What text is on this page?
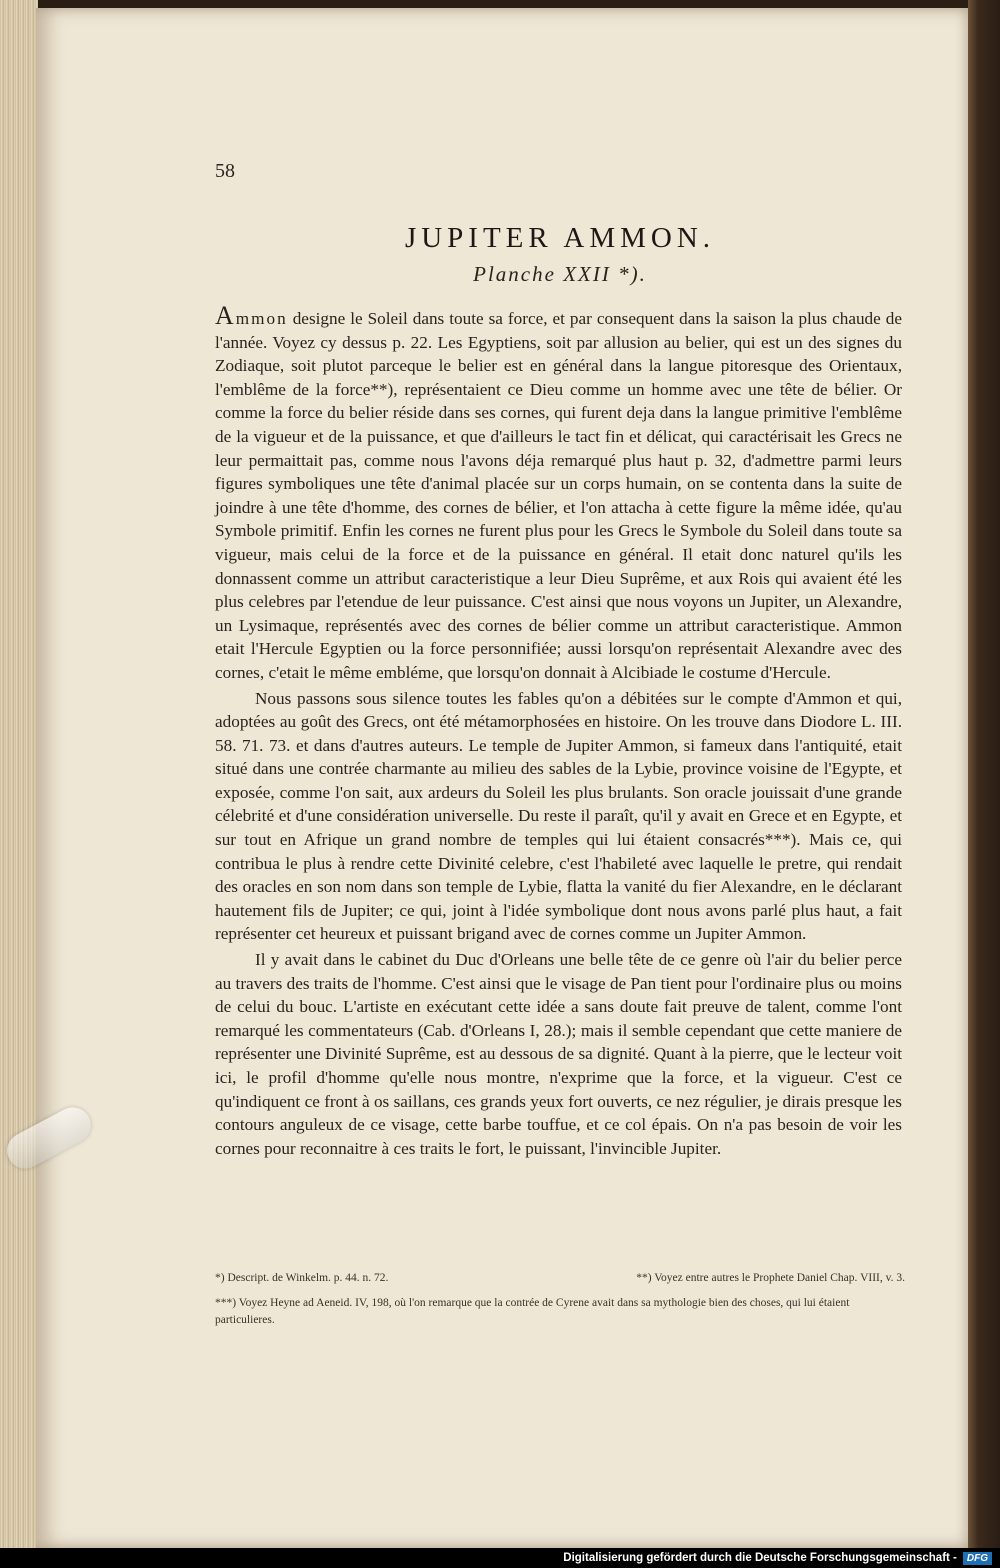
58
JUPITER AMMON.
Planche XXII *).

Ammon designe le Soleil dans toute sa force, et par consequent dans la saison la plus chaude de l'année. Voyez cy dessus p. 22. Les Egyptiens, soit par allusion au belier, qui est un des signes du Zodiaque, soit plutot parceque le belier est en général dans la langue pitoresque des Orientaux, l'emblême de la force**), représentaient ce Dieu comme un homme avec une tête de bélier. Or comme la force du belier réside dans ses cornes, qui furent deja dans la langue primitive l'emblême de la vigueur et de la puissance, et que d'ailleurs le tact fin et délicat, qui caractérisait les Grecs ne leur permaittait pas, comme nous l'avons déja remarqué plus haut p. 32, d'admettre parmi leurs figures symboliques une tête d'animal placée sur un corps humain, on se contenta dans la suite de joindre à une tête d'homme, des cornes de bélier, et l'on attacha à cette figure la même idée, qu'au Symbole primitif. Enfin les cornes ne furent plus pour les Grecs le Symbole du Soleil dans toute sa vigueur, mais celui de la force et de la puissance en général. Il etait donc naturel qu'ils les donnassent comme un attribut caracteristique a leur Dieu Suprême, et aux Rois qui avaient été les plus celebres par l'etendue de leur puissance. C'est ainsi que nous voyons un Jupiter, un Alexandre, un Lysimaque, représentés avec des cornes de bélier comme un attribut caracteristique. Ammon etait l'Hercule Egyptien ou la force personnifiée; aussi lorsqu'on représentait Alexandre avec des cornes, c'etait le même embléme, que lorsqu'on donnait à Alcibiade le costume d'Hercule.

Nous passons sous silence toutes les fables qu'on a débitées sur le compte d'Ammon et qui, adoptées au goût des Grecs, ont été métamorphosées en histoire. On les trouve dans Diodore L. III. 58. 71. 73. et dans d'autres auteurs. Le temple de Jupiter Ammon, si fameux dans l'antiquité, etait situé dans une contrée charmante au milieu des sables de la Lybie, province voisine de l'Egypte, et exposée, comme l'on sait, aux ardeurs du Soleil les plus brulants. Son oracle jouissait d'une grande célebrité et d'une considération universelle. Du reste il paraît, qu'il y avait en Grece et en Egypte, et sur tout en Afrique un grand nombre de temples qui lui étaient consacrés***). Mais ce, qui contribua le plus à rendre cette Divinité celebre, c'est l'habileté avec laquelle le pretre, qui rendait des oracles en son nom dans son temple de Lybie, flatta la vanité du fier Alexandre, en le déclarant hautement fils de Jupiter; ce qui, joint à l'idée symbolique dont nous avons parlé plus haut, a fait représenter cet heureux et puissant brigand avec de cornes comme un Jupiter Ammon.

Il y avait dans le cabinet du Duc d'Orleans une belle tête de ce genre où l'air du belier perce au travers des traits de l'homme. C'est ainsi que le visage de Pan tient pour l'ordinaire plus ou moins de celui du bouc. L'artiste en exécutant cette idée a sans doute fait preuve de talent, comme l'ont remarqué les commentateurs (Cab. d'Orleans I, 28.); mais il semble cependant que cette maniere de représenter une Divinité Suprême, est au dessous de sa dignité. Quant à la pierre, que le lecteur voit ici, le profil d'homme qu'elle nous montre, n'exprime que la force, et la vigueur. C'est ce qu'indiquent ce front à os saillans, ces grands yeux fort ouverts, ce nez régulier, je dirais presque les contours anguleux de ce visage, cette barbe touffue, et ce col épais. On n'a pas besoin de voir les cornes pour reconnaitre à ces traits le fort, le puissant, l'invincible Jupiter.

*) Descript. de Winkelm. p. 44. n. 72.	**) Voyez entre autres le Prophete Daniel Chap. VIII, v. 3.
***) Voyez Heyne ad Aeneid. IV, 198, où l'on remarque que la contrée de Cyrene avait dans sa mythologie bien des choses, qui lui étaient particulieres.
Digitalisierung gefördert durch die Deutsche Forschungsgemeinschaft -	DFG
